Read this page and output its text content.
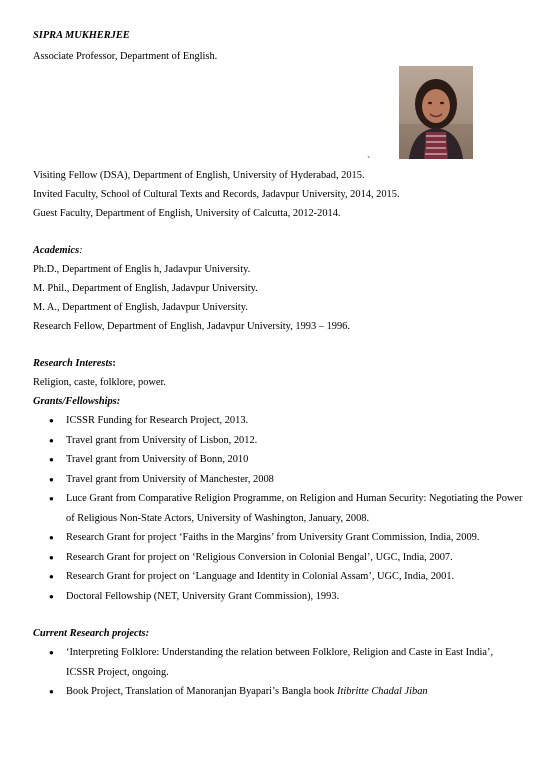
SIPRA MUKHERJEE

Associate Professor, Department of English.

`

Visiting Fellow (DSA), Department of English, University of Hyderabad, 2015.

Invited Faculty, School of Cultural Texts and Records, Jadavpur University, 2014, 2015.

Guest Faculty, Department of English, University of Calcutta, 2012-2014.

Academics:

Ph.D., Department of Englis h, Jadavpur University.

M. Phil., Department of English, Jadavpur University.

M. A., Department of English, Jadavpur University.

Research Fellow, Department of English, Jadavpur University, 1993 – 1996.

Research Interests:

Religion, caste, folklore, power.

Grants/Fellowships:

● ICSSR Funding for Research Project, 2013.
● Travel grant from University of Lisbon, 2012.
● Travel grant from University of Bonn, 2010
● Travel grant from University of Manchester, 2008
● Luce Grant from Comparative Religion Programme, on Religion and Human Security: Negotiating the Power of Religious Non-State Actors, University of Washington, January, 2008.
● Research Grant for project ‘Faiths in the Margins’ from University Grant Commission, India, 2009.
● Research Grant for project on ‘Religious Conversion in Colonial Bengal’, UGC, India, 2007.
● Research Grant for project on ‘Language and Identity in Colonial Assam’, UGC, India, 2001.
● Doctoral Fellowship (NET, University Grant Commission), 1993.

Current Research projects:

● ‘Interpreting Folklore: Understanding the relation between Folklore, Religion and Caste in East India’, ICSSR Project, ongoing.
● Book Project, Translation of Manoranjan Byapari’s Bangla book Itibritte Chadal Jiban
